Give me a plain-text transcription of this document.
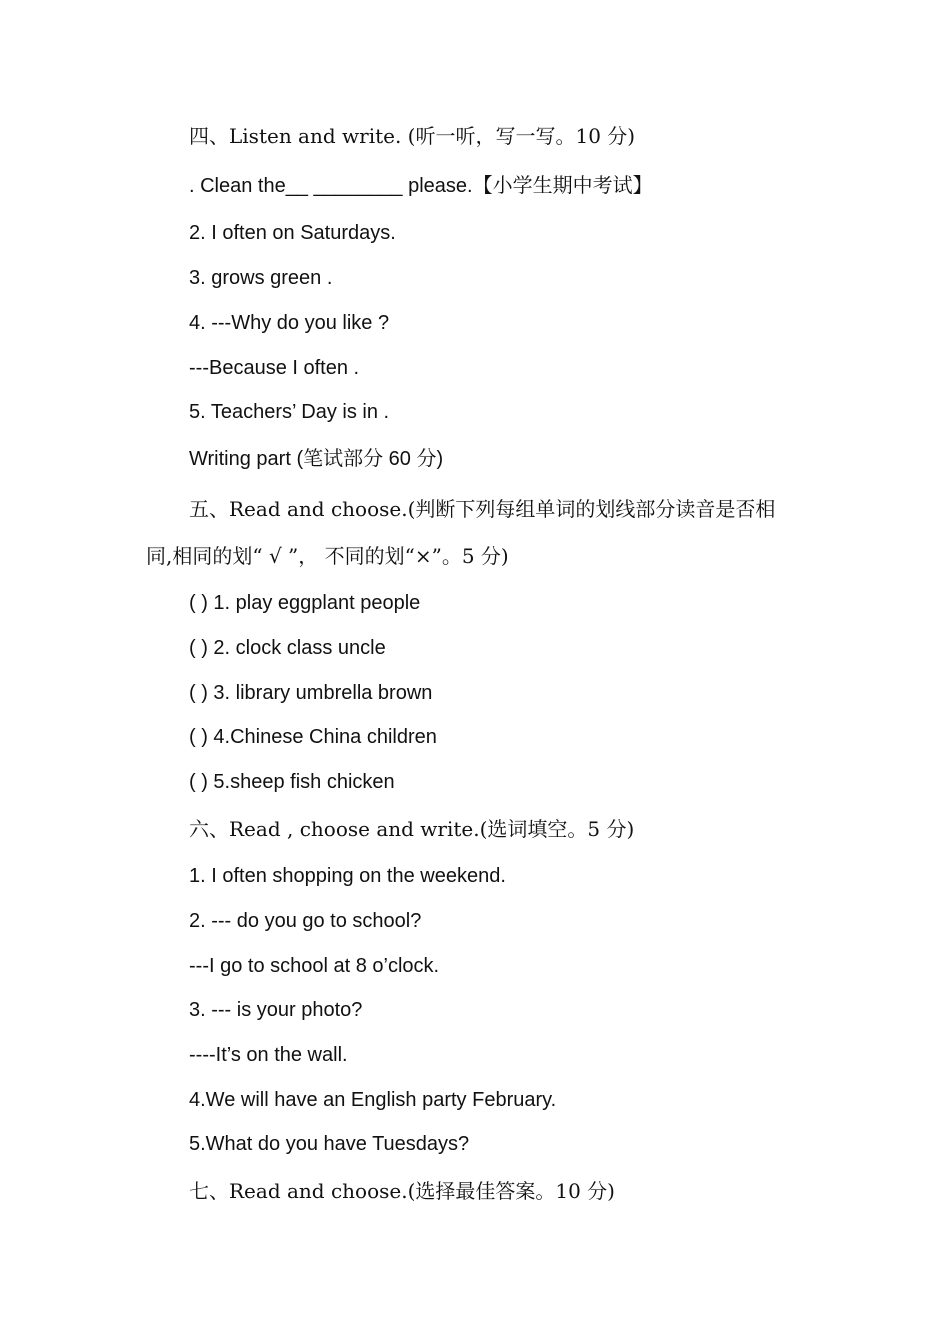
四、Listen and write. (听一听，写一写。10 分)
. Clean the__ ________ please.【小学生期中考试】
2. I often on Saturdays.
3. grows green .
4. ---Why do you like ?
---Because I often .
5. Teachers’ Day is in .
Writing part (笔试部分 60 分)
五、Read and choose.(判断下列每组单词的划线部分读音是否相
同,相同的划“ √ ”， 不同的划“×”。5 分)
( ) 1. play eggplant people
( ) 2. clock class uncle
( ) 3. library umbrella brown
( ) 4.Chinese China children
( ) 5.sheep fish chicken
六、Read , choose and write.(选词填空。5 分)
1. I often shopping on the weekend.
2. --- do you go to school?
---I go to school at 8 o’clock.
3. --- is your photo?
----It’s on the wall.
4.We will have an English party February.
5.What do you have Tuesdays?
七、Read and choose.(选择最佳答案。10 分)
